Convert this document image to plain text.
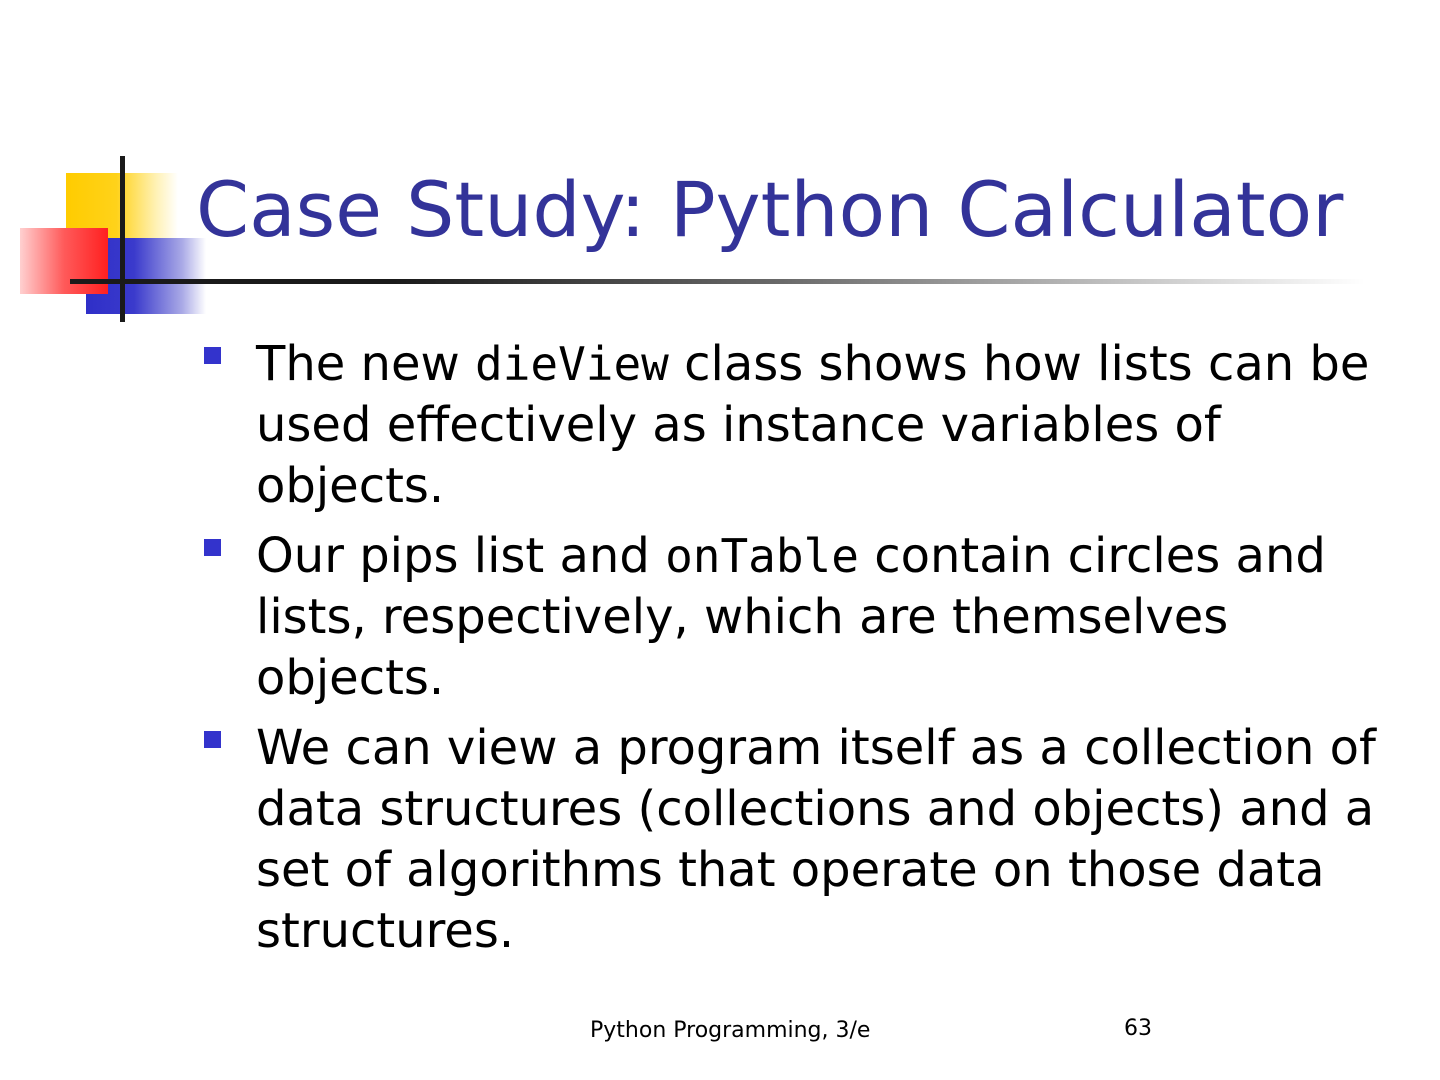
Case Study: Python Calculator
The new dieView class shows how lists can be used effectively as instance variables of objects.
Our pips list and onTable contain circles and lists, respectively, which are themselves objects.
We can view a program itself as a collection of data structures (collections and objects) and a set of algorithms that operate on those data structures.
Python Programming, 3/e	63
